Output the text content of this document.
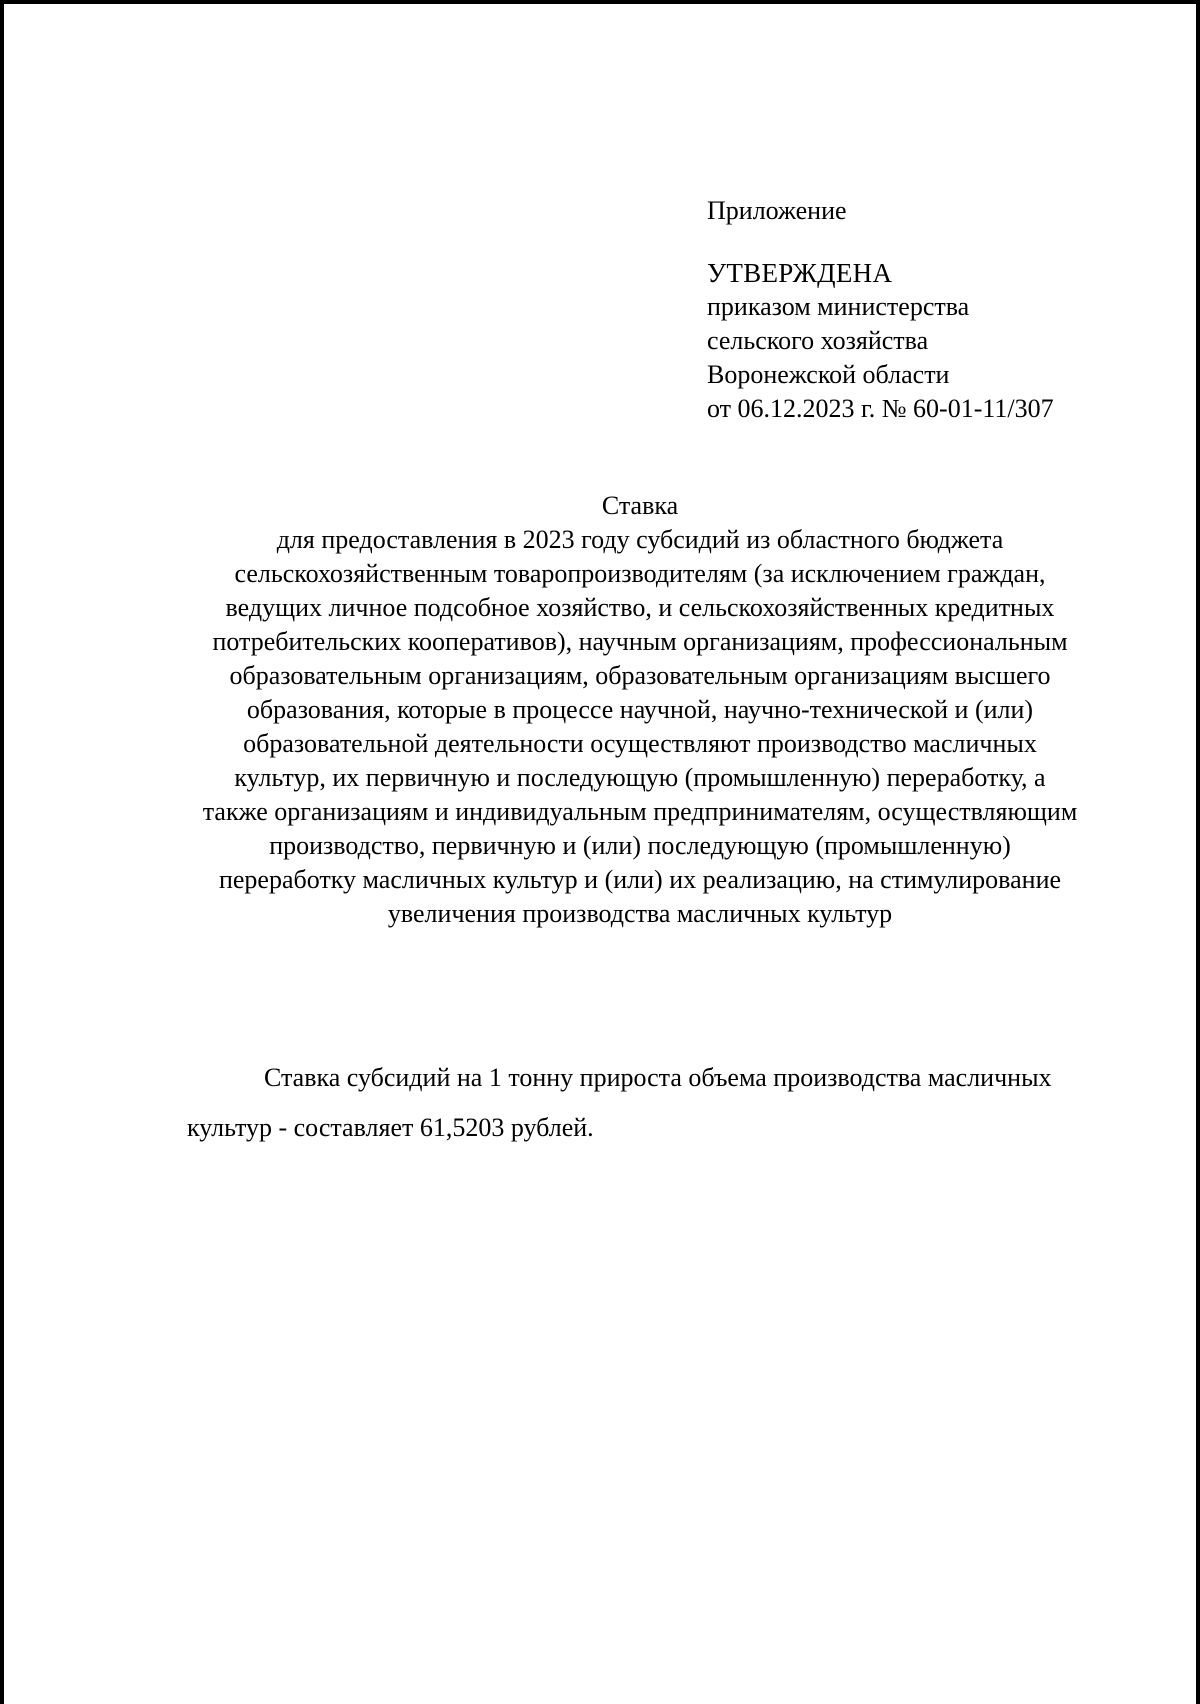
Приложение
УТВЕРЖДЕНА
приказом министерства
сельского хозяйства
Воронежской области
от 06.12.2023 г. № 60-01-11/307
Ставка
для предоставления в 2023 году субсидий из областного бюджета
сельскохозяйственным товаропроизводителям (за исключением граждан,
ведущих личное подсобное хозяйство, и сельскохозяйственных кредитных
потребительских кооперативов), научным организациям, профессиональным
образовательным организациям, образовательным организациям высшего
образования, которые в процессе научной, научно-технической и (или)
образовательной деятельности осуществляют производство масличных
культур, их первичную и последующую (промышленную) переработку, а
также организациям и индивидуальным предпринимателям, осуществляющим
производство, первичную и (или) последующую (промышленную)
переработку масличных культур и (или) их реализацию, на стимулирование
увеличения производства масличных культур
Ставка субсидий на 1 тонну прироста объема производства масличных
культур - составляет 61,5203 рублей.
